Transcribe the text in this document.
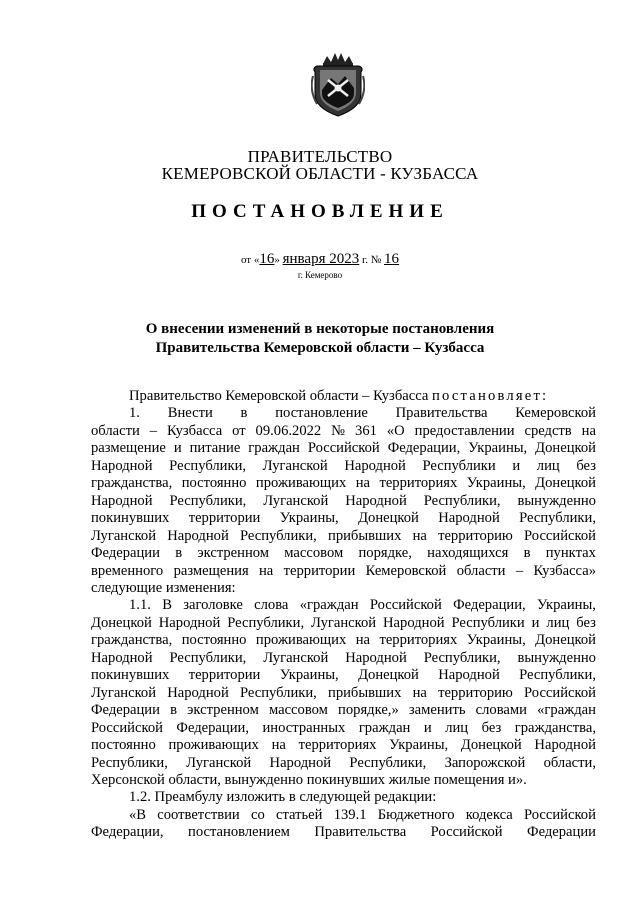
ПРАВИТЕЛЬСТВО
КЕМЕРОВСКОЙ ОБЛАСТИ - КУЗБАССА
ПОСТАНОВЛЕНИЕ
от «16» января 2023 г. № 16
г. Кемерово
О внесении изменений в некоторые постановления
Правительства Кемеровской области – Кузбасса
Правительство Кемеровской области – Кузбасса постановляет:
1. Внести в постановление Правительства Кемеровской
области – Кузбасса от 09.06.2022 № 361 «О предоставлении средств на
размещение и питание граждан Российской Федерации, Украины, Донецкой
Народной Республики, Луганской Народной Республики и лиц без
гражданства, постоянно проживающих на территориях Украины, Донецкой
Народной Республики, Луганской Народной Республики, вынужденно
покинувших территории Украины, Донецкой Народной Республики,
Луганской Народной Республики, прибывших на территорию Российской
Федерации в экстренном массовом порядке, находящихся в пунктах
временного размещения на территории Кемеровской области – Кузбасса»
следующие изменения:
1.1. В заголовке слова «граждан Российской Федерации, Украины,
Донецкой Народной Республики, Луганской Народной Республики и лиц без
гражданства, постоянно проживающих на территориях Украины, Донецкой
Народной Республики, Луганской Народной Республики, вынужденно
покинувших территории Украины, Донецкой Народной Республики,
Луганской Народной Республики, прибывших на территорию Российской
Федерации в экстренном массовом порядке,» заменить словами «граждан
Российской Федерации, иностранных граждан и лиц без гражданства,
постоянно проживающих на территориях Украины, Донецкой Народной
Республики, Луганской Народной Республики, Запорожской области,
Херсонской области, вынужденно покинувших жилые помещения и».
1.2. Преамбулу изложить в следующей редакции:
«В соответствии со статьей 139.1 Бюджетного кодекса Российской
Федерации, постановлением Правительства Российской Федерации
